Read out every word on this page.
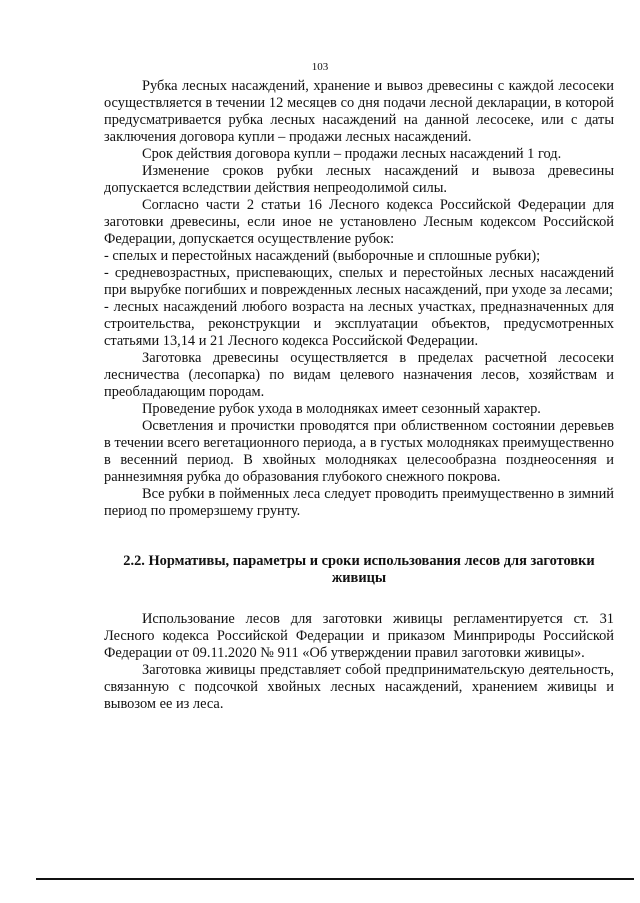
103

Рубка лесных насаждений, хранение и вывоз древесины с каждой лесосеки осуществляется в течении 12 месяцев со дня подачи лесной декларации, в которой предусматривается рубка лесных насаждений на данной лесосеке, или с даты заключения договора купли – продажи лесных насаждений.

Срок действия договора купли – продажи лесных насаждений 1 год.

Изменение сроков рубки лесных насаждений и вывоза древесины допускается вследствии действия непреодолимой силы.

Согласно части 2 статьи 16 Лесного кодекса Российской Федерации для заготовки древесины, если иное не установлено Лесным кодексом Российской Федерации, допускается осуществление рубок:

- спелых и перестойных насаждений (выборочные и сплошные рубки);

- средневозрастных, приспевающих, спелых и перестойных лесных насаждений при вырубке погибших и поврежденных лесных насаждений, при уходе за лесами;

- лесных насаждений любого возраста на лесных участках, предназначенных для строительства, реконструкции и эксплуатации объектов, предусмотренных статьями 13,14 и 21 Лесного кодекса Российской Федерации.

Заготовка древесины осуществляется в пределах расчетной лесосеки лесничества (лесопарка) по видам целевого назначения лесов, хозяйствам и преобладающим породам.

Проведение рубок ухода в молодняках имеет сезонный характер.

Осветления и прочистки проводятся при облиственном состоянии деревьев в течении всего вегетационного периода, а в густых молодняках преимущественно в весенний период. В хвойных молодняках целесообразна позднеосенняя и раннезимняя рубка до образования глубокого снежного покрова.

Все рубки в пойменных леса следует проводить преимущественно в зимний период по промерзшему грунту.

2.2. Нормативы, параметры и сроки использования лесов для заготовки живицы

Использование лесов для заготовки живицы регламентируется ст. 31 Лесного кодекса Российской Федерации и приказом Минприроды Российской Федерации от 09.11.2020 № 911 «Об утверждении правил заготовки живицы».

Заготовка живицы представляет собой предпринимательскую деятельность, связанную с подсочкой хвойных лесных насаждений, хранением живицы и вывозом ее из леса.
